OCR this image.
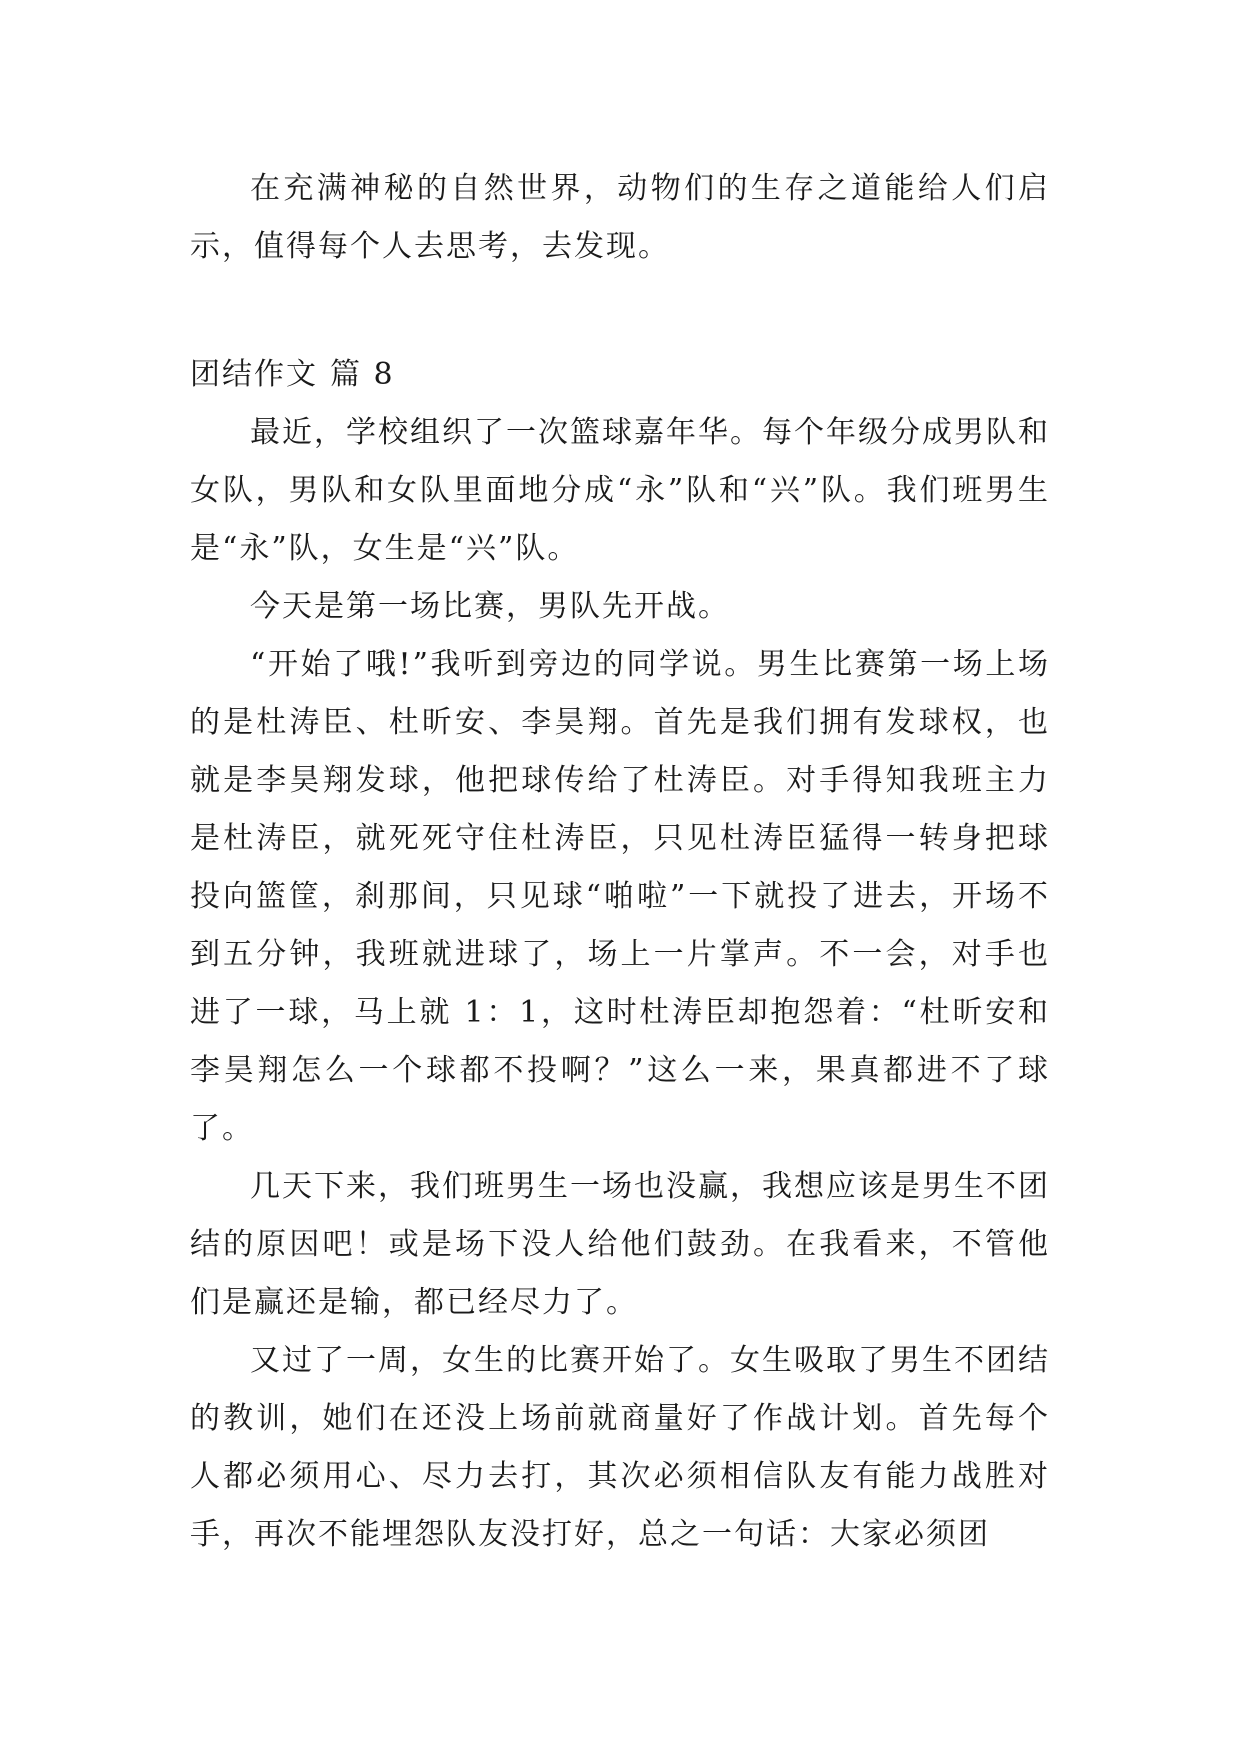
在充满神秘的自然世界，动物们的生存之道能给人们启示，值得每个人去思考，去发现。

团结作文 篇 8

最近，学校组织了一次篮球嘉年华。每个年级分成男队和女队，男队和女队里面地分成“永”队和“兴”队。我们班男生是“永”队，女生是“兴”队。

今天是第一场比赛，男队先开战。

“开始了哦!”我听到旁边的同学说。男生比赛第一场上场的是杜涛臣、杜昕安、李昊翔。首先是我们拥有发球权，也就是李昊翔发球，他把球传给了杜涛臣。对手得知我班主力是杜涛臣，就死死守住杜涛臣，只见杜涛臣猛得一转身把球投向篮筐，刹那间，只见球“啪啦”一下就投了进去，开场不到五分钟，我班就进球了，场上一片掌声。不一会，对手也进了一球，马上就 1：1，这时杜涛臣却抱怨着：“杜昕安和李昊翔怎么一个球都不投啊？”这么一来，果真都进不了球了。

几天下来，我们班男生一场也没赢，我想应该是男生不团结的原因吧！或是场下没人给他们鼓劲。在我看来，不管他们是赢还是输，都已经尽力了。

又过了一周，女生的比赛开始了。女生吸取了男生不团结的教训，她们在还没上场前就商量好了作战计划。首先每个人都必须用心、尽力去打，其次必须相信队友有能力战胜对手，再次不能埋怨队友没打好，总之一句话：大家必须团
